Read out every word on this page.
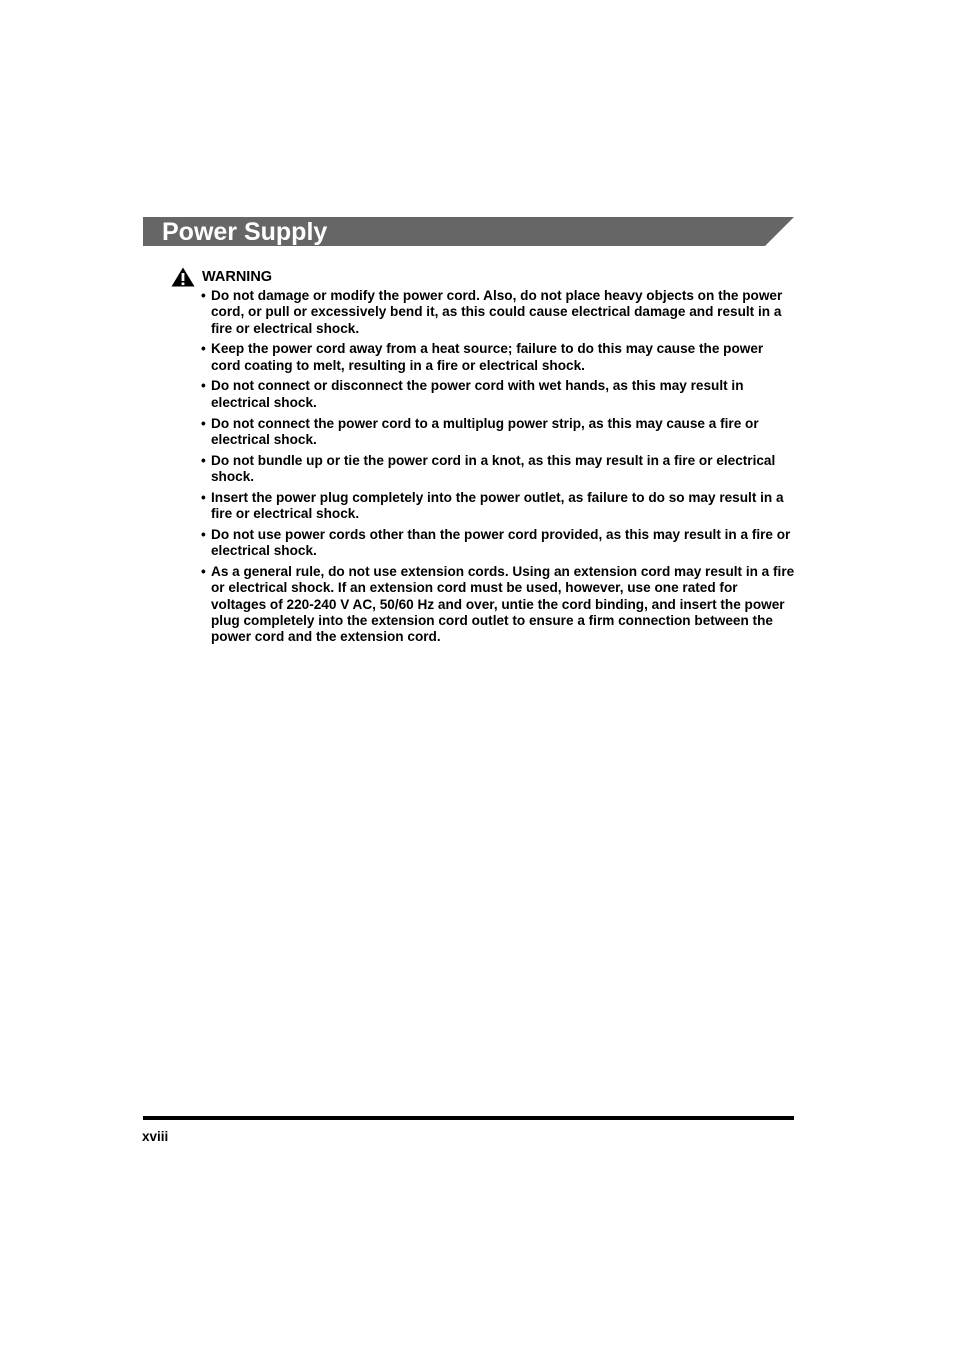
Power Supply
WARNING
• Do not damage or modify the power cord. Also, do not place heavy objects on the power cord, or pull or excessively bend it, as this could cause electrical damage and result in a fire or electrical shock.
• Keep the power cord away from a heat source; failure to do this may cause the power cord coating to melt, resulting in a fire or electrical shock.
• Do not connect or disconnect the power cord with wet hands, as this may result in electrical shock.
• Do not connect the power cord to a multiplug power strip, as this may cause a fire or electrical shock.
• Do not bundle up or tie the power cord in a knot, as this may result in a fire or electrical shock.
• Insert the power plug completely into the power outlet, as failure to do so may result in a fire or electrical shock.
• Do not use power cords other than the power cord provided, as this may result in a fire or electrical shock.
• As a general rule, do not use extension cords. Using an extension cord may result in a fire or electrical shock. If an extension cord must be used, however, use one rated for voltages of 220-240 V AC, 50/60 Hz and over, untie the cord binding, and insert the power plug completely into the extension cord outlet to ensure a firm connection between the power cord and the extension cord.
xviii
